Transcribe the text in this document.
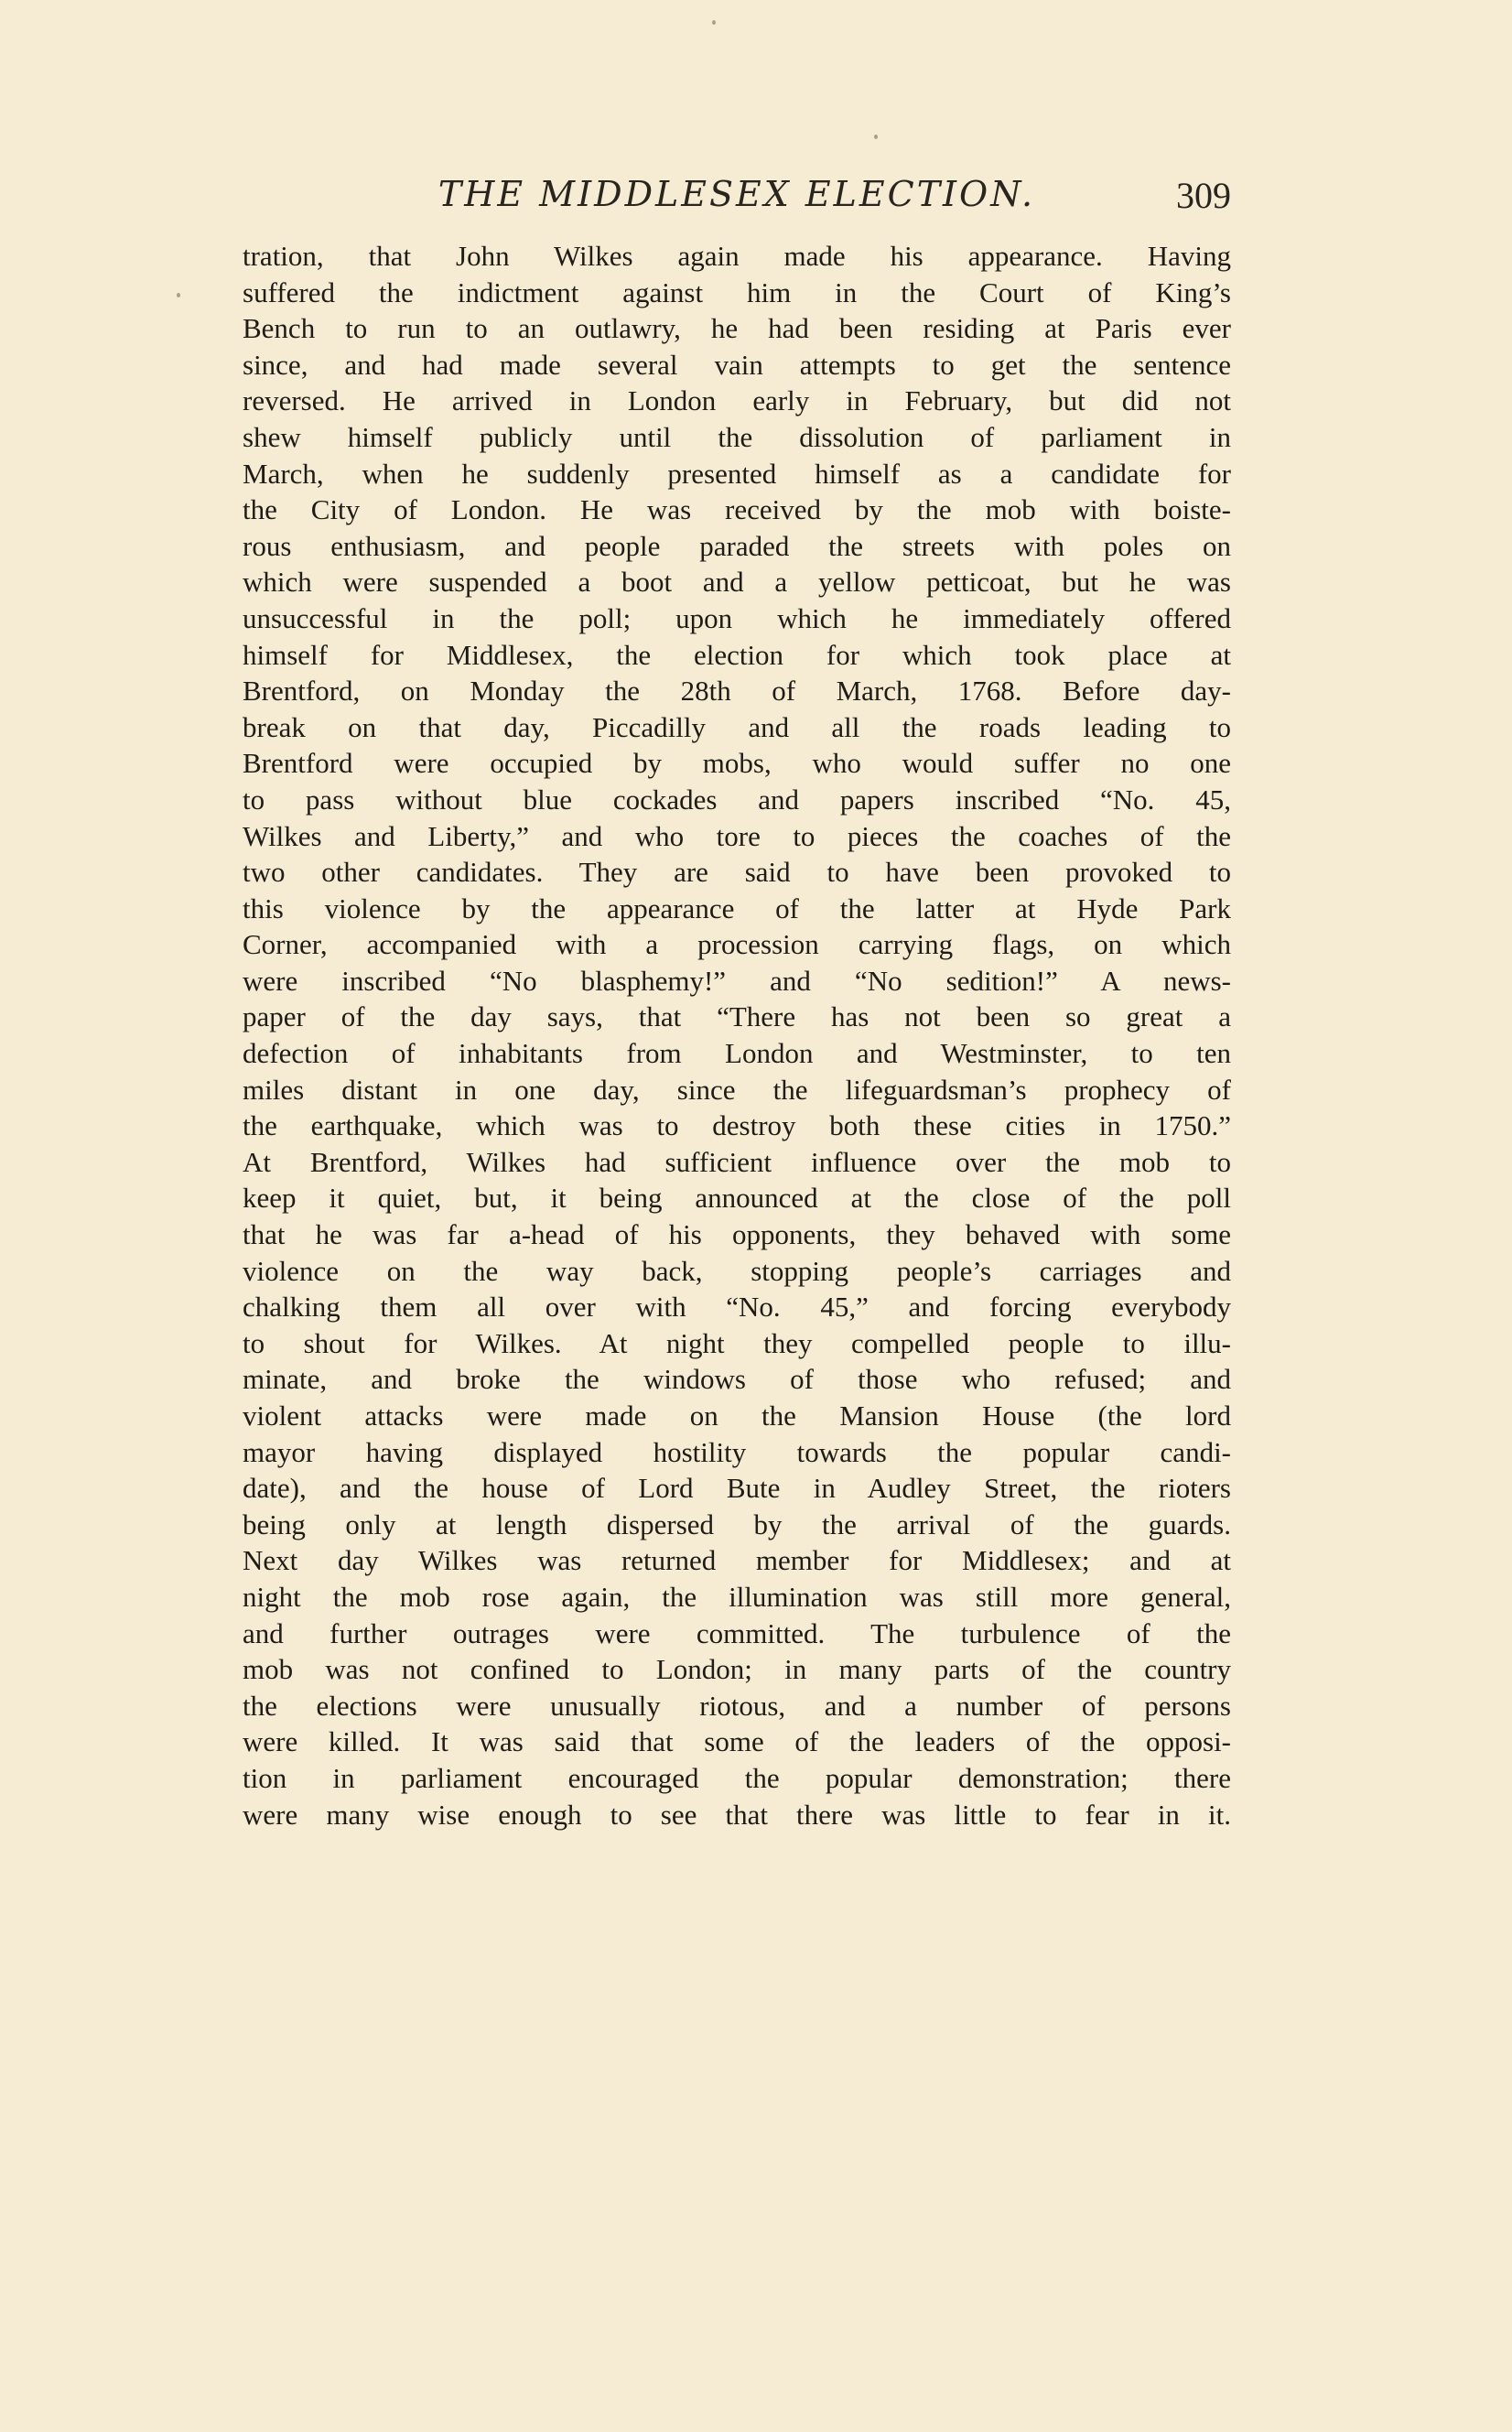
THE MIDDLESEX ELECTION.	309
tration, that John Wilkes again made his appearance. Having
suffered the indictment against him in the Court of King’s
Bench to run to an outlawry, he had been residing at Paris ever
since, and had made several vain attempts to get the sentence
reversed. He arrived in London early in February, but did not
shew himself publicly until the dissolution of parliament in
March, when he suddenly presented himself as a candidate for
the City of London. He was received by the mob with boiste-
rous enthusiasm, and people paraded the streets with poles on
which were suspended a boot and a yellow petticoat, but he was
unsuccessful in the poll; upon which he immediately offered
himself for Middlesex, the election for which took place at
Brentford, on Monday the 28th of March, 1768. Before day-
break on that day, Piccadilly and all the roads leading to
Brentford were occupied by mobs, who would suffer no one
to pass without blue cockades and papers inscribed “No. 45,
Wilkes and Liberty,” and who tore to pieces the coaches of the
two other candidates. They are said to have been provoked to
this violence by the appearance of the latter at Hyde Park
Corner, accompanied with a procession carrying flags, on which
were inscribed “No blasphemy!” and “No sedition!” A news-
paper of the day says, that “There has not been so great a
defection of inhabitants from London and Westminster, to ten
miles distant in one day, since the lifeguardsman’s prophecy of
the earthquake, which was to destroy both these cities in 1750.”
At Brentford, Wilkes had sufficient influence over the mob to
keep it quiet, but, it being announced at the close of the poll
that he was far a-head of his opponents, they behaved with some
violence on the way back, stopping people’s carriages and
chalking them all over with “No. 45,” and forcing everybody
to shout for Wilkes. At night they compelled people to illu-
minate, and broke the windows of those who refused; and
violent attacks were made on the Mansion House (the lord
mayor having displayed hostility towards the popular candi-
date), and the house of Lord Bute in Audley Street, the rioters
being only at length dispersed by the arrival of the guards.
Next day Wilkes was returned member for Middlesex; and at
night the mob rose again, the illumination was still more general,
and further outrages were committed. The turbulence of the
mob was not confined to London; in many parts of the country
the elections were unusually riotous, and a number of persons
were killed. It was said that some of the leaders of the opposi-
tion in parliament encouraged the popular demonstration; there
were many wise enough to see that there was little to fear in it.
